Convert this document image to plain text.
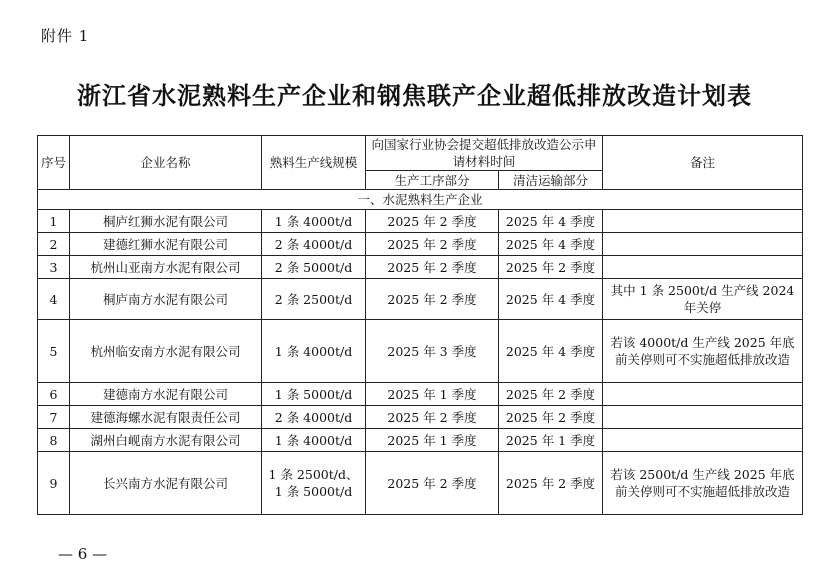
附件 1
浙江省水泥熟料生产企业和钢焦联产企业超低排放改造计划表
序号	企业名称	熟料生产线规模	向国家行业协会提交超低排放改造公示申请材料时间		备注
			生产工序部分	清洁运输部分	
一、水泥熟料生产企业					
1	桐庐红狮水泥有限公司	1 条 4000t/d	2025 年 2 季度	2025 年 4 季度	
2	建德红狮水泥有限公司	2 条 4000t/d	2025 年 2 季度	2025 年 4 季度	
3	杭州山亚南方水泥有限公司	2 条 5000t/d	2025 年 2 季度	2025 年 2 季度	
4	桐庐南方水泥有限公司	2 条 2500t/d	2025 年 2 季度	2025 年 4 季度	其中 1 条 2500t/d 生产线 2024 年关停
5	杭州临安南方水泥有限公司	1 条 4000t/d	2025 年 3 季度	2025 年 4 季度	若该 4000t/d 生产线 2025 年底前关停则可不实施超低排放改造
6	建德南方水泥有限公司	1 条 5000t/d	2025 年 1 季度	2025 年 2 季度	
7	建德海螺水泥有限责任公司	2 条 4000t/d	2025 年 2 季度	2025 年 2 季度	
8	湖州白岘南方水泥有限公司	1 条 4000t/d	2025 年 1 季度	2025 年 1 季度	
9	长兴南方水泥有限公司	1 条 2500t/d、1 条 5000t/d	2025 年 2 季度	2025 年 2 季度	若该 2500t/d 生产线 2025 年底前关停则可不实施超低排放改造
— 6 —
